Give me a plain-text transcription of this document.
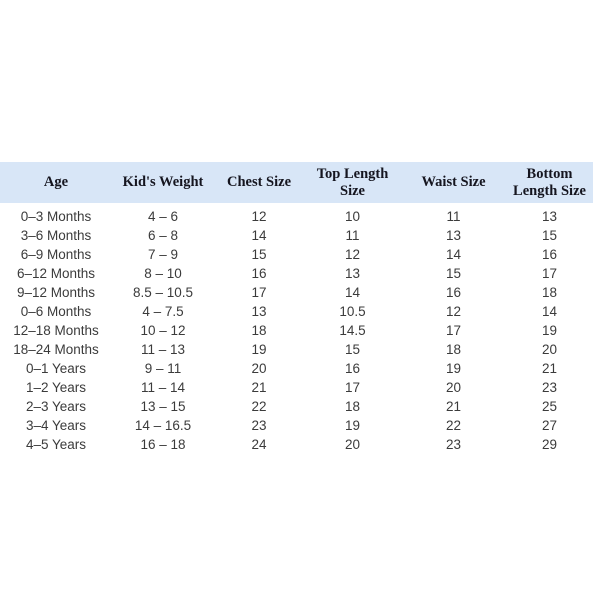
Age	Kid's Weight	Chest Size	Top Length Size	Waist Size	Bottom Length Size
0–3 Months	4 – 6	12	10	11	13
3–6 Months	6 – 8	14	11	13	15
6–9 Months	7 – 9	15	12	14	16
6–12 Months	8 – 10	16	13	15	17
9–12 Months	8.5 – 10.5	17	14	16	18
0–6 Months	4 – 7.5	13	10.5	12	14
12–18 Months	10 – 12	18	14.5	17	19
18–24 Months	11 – 13	19	15	18	20
0–1 Years	9 – 11	20	16	19	21
1–2 Years	11 – 14	21	17	20	23
2–3 Years	13 – 15	22	18	21	25
3–4 Years	14 – 16.5	23	19	22	27
4–5 Years	16 – 18	24	20	23	29
